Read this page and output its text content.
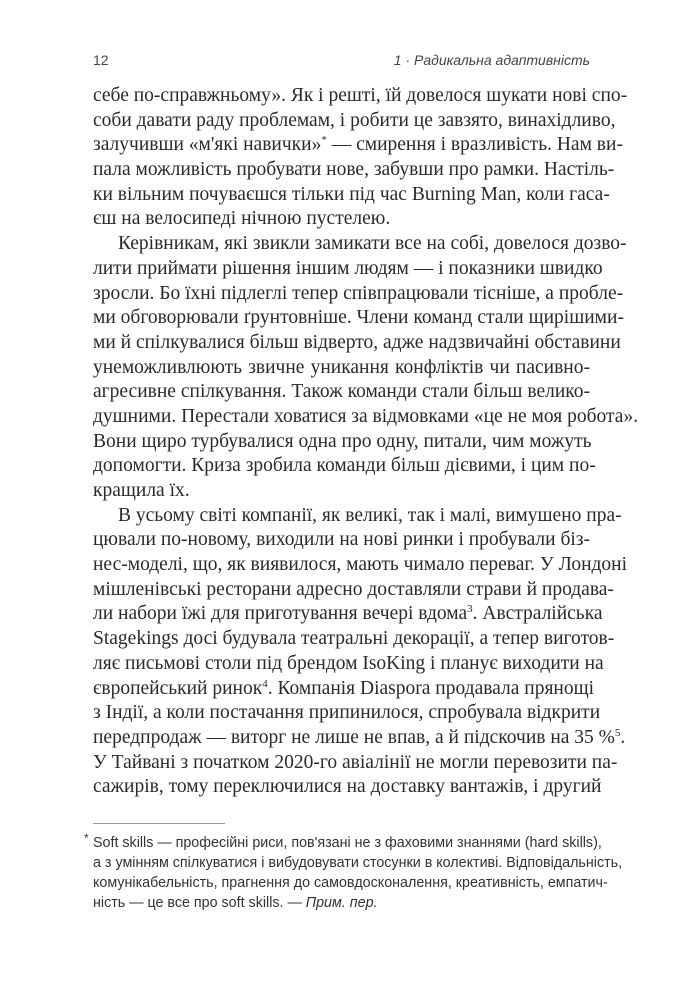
12	1 · Радикальна адаптивність
себе по-справжньому». Як і решті, їй довелося шукати нові спо-
соби давати раду проблемам, і робити це завзято, винахідливо,
залучивши «м'які навички»* — смирення і вразливість. Нам ви-
пала можливість пробувати нове, забувши про рамки. Настіль-
ки вільним почуваєшся тільки під час Burning Man, коли гаса-
єш на велосипеді нічною пустелею.
Керівникам, які звикли замикати все на собі, довелося дозво-
лити приймати рішення іншим людям — і показники швидко
зросли. Бо їхні підлеглі тепер співпрацювали тісніше, а пробле-
ми обговорювали ґрунтовніше. Члени команд стали щирішими-
ми й спілкувалися більш відверто, адже надзвичайні обставини
унеможливлюють звичне уникання конфліктів чи пасивно-
агресивне спілкування. Також команди стали більш велико-
душними. Перестали ховатися за відмовками «це не моя робота».
Вони щиро турбувалися одна про одну, питали, чим можуть
допомогти. Криза зробила команди більш дієвими, і цим по-
кращила їх.
В усьому світі компанії, як великі, так і малі, вимушено пра-
цювали по-новому, виходили на нові ринки і пробували біз-
нес-моделі, що, як виявилося, мають чимало переваг. У Лондоні
мішленівські ресторани адресно доставляли страви й продава-
ли набори їжі для приготування вечері вдома$^3$. Австралійська
Stagekings досі будувала театральні декорації, а тепер виготов-
ляє письмові столи під брендом IsoKing і планує виходити на
європейський ринок$^4$. Компанія Diaspora продавала прянощі
з Індії, а коли постачання припинилося, спробувала відкрити
передпродаж — виторг не лише не впав, а й підскочив на 35 %$^5$.
У Тайвані з початком 2020-го авіалінії не могли перевозити па-
сажирів, тому переключилися на доставку вантажів, і другий
* Soft skills — професійні риси, пов'язані не з фаховими знаннями (hard skills),
а з умінням спілкуватися і вибудовувати стосунки в колективі. Відповідальність,
комунікабельність, прагнення до самовдосконалення, креативність, емпатич-
ність — це все про soft skills. — Прим. пер.
